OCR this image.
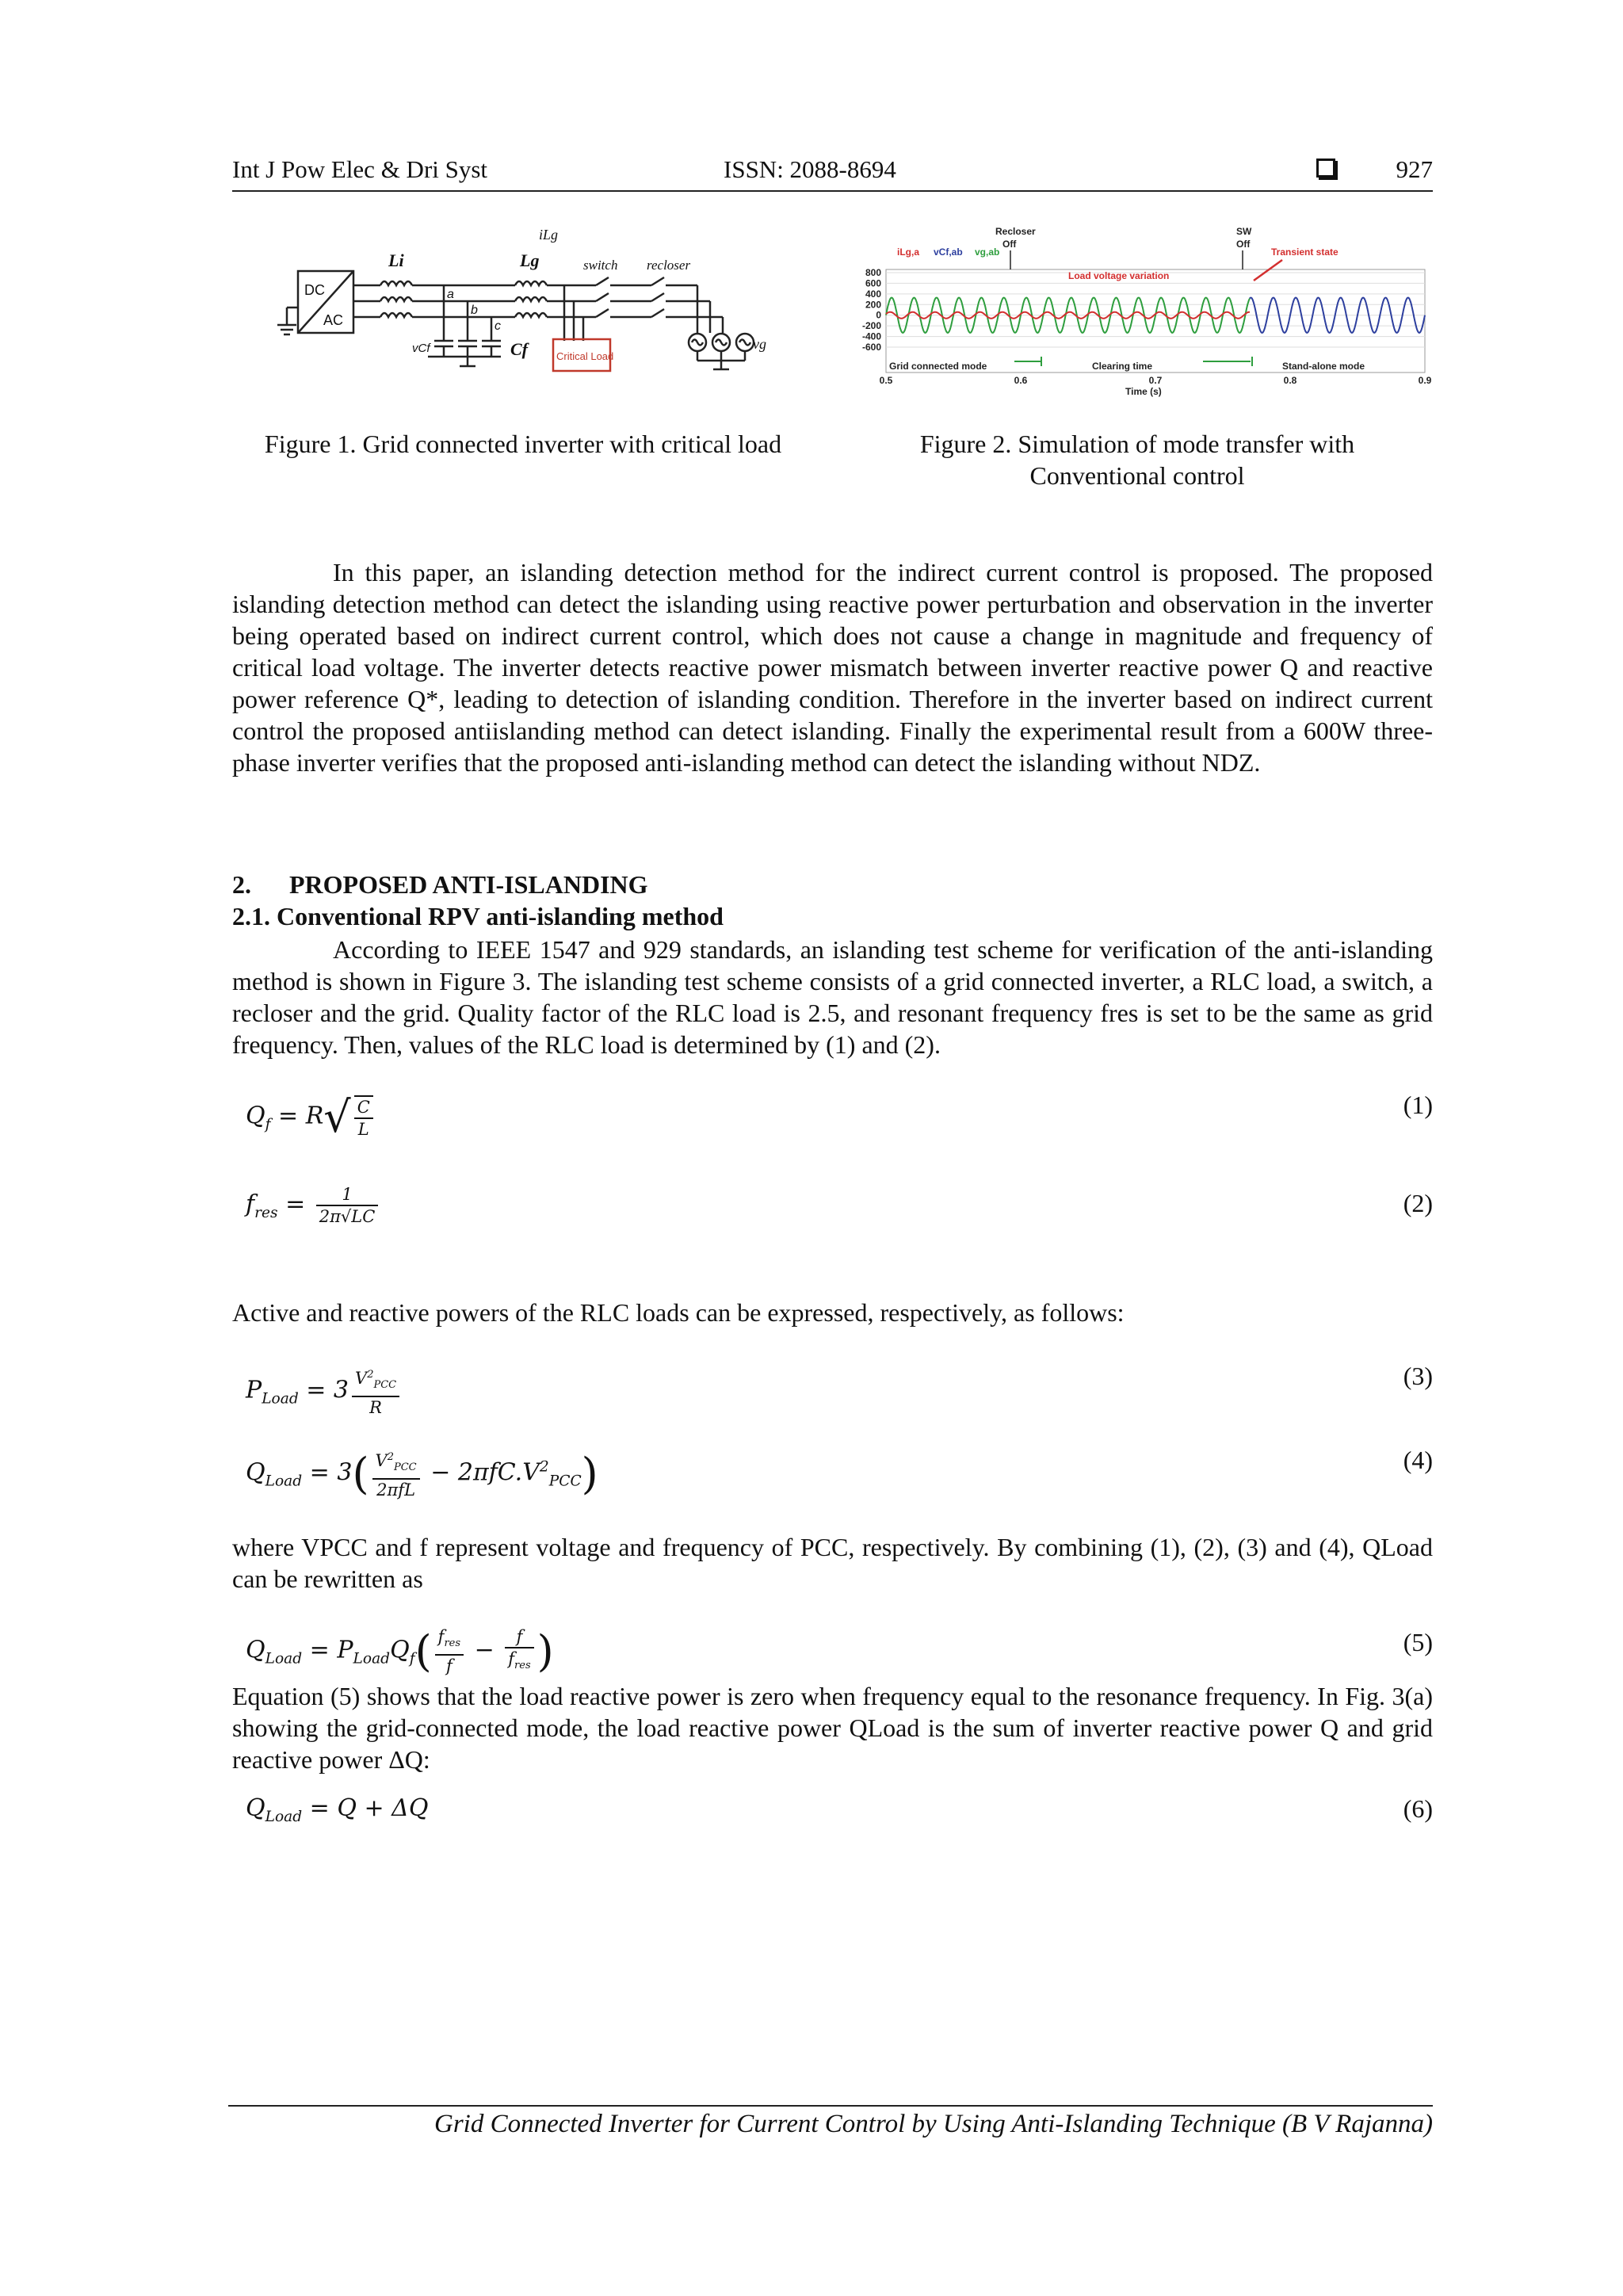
Int J Pow Elec & Dri Syst	ISSN: 2088-8694	927
DC
AC
Li	Lg
iLg
switch recloser
a
b
c
vCf	Cf	Critical Load
vg
Figure 1. Grid connected inverter with critical load
800
600
400
200
0
-200
-400
-600
0.5	0.6	0.7	0.8	0.9
iLg,a vCf,ab vg,ab
Recloser
Off
SW
Off
Transient state
Load voltage variation
Grid connected mode	Clearing time	Stand-alone mode
Time (s)
Figure 2. Simulation of mode transfer with
Conventional control
In this paper, an islanding detection method for the indirect current control is proposed. The proposed islanding detection method can detect the islanding using reactive power perturbation and observation in the inverter being operated based on indirect current control, which does not cause a change in magnitude and frequency of critical load voltage. The inverter detects reactive power mismatch between inverter reactive power Q and reactive power reference Q*, leading to detection of islanding condition. Therefore in the inverter based on indirect current control the proposed antiislanding method can detect islanding. Finally the experimental result from a 600W three-phase inverter verifies that the proposed anti-islanding method can detect the islanding without NDZ.
2.      PROPOSED ANTI-ISLANDING
2.1. Conventional RPV anti-islanding method
According to IEEE 1547 and 929 standards, an islanding test scheme for verification of the anti-islanding method is shown in Figure 3. The islanding test scheme consists of a grid connected inverter, a RLC load, a switch, a recloser and the grid. Quality factor of the RLC load is 2.5, and resonant frequency fres is set to be the same as grid frequency. Then, values of the RLC load is determined by (1) and (2).
$Q_f = R√ \frac{C}{L}$	(1)
$f_{res} = \frac{1}{2\pi√LC}$	(2)
Active and reactive powers of the RLC loads can be expressed, respectively, as follows:
$P_{Load} = 3 \frac{V^2_{PCC}}{R}$	(3)
$Q_{Load} = 3( \frac{V^2_{PCC}}{\text{2πfL}} - 2\pi fC.V^2_{PCC})$	(4)
where VPCC and f represent voltage and frequency of PCC, respectively. By combining (1), (2), (3) and (4), QLoad can be rewritten as
$Q_{Load} = P_{Load}Q_f( \frac{f_{res}}{f} - \frac{f}{f_{res}}$ )	(5)
Equation (5) shows that the load reactive power is zero when frequency equal to the resonance frequency. In Fig. 3(a) showing the grid-connected mode, the load reactive power QLoad is the sum of inverter reactive power Q and grid reactive power ΔQ:
$Q_{Load} = Q + \Delta Q$	(6)
Grid Connected Inverter for Current Control by Using Anti-Islanding Technique (B V Rajanna)
